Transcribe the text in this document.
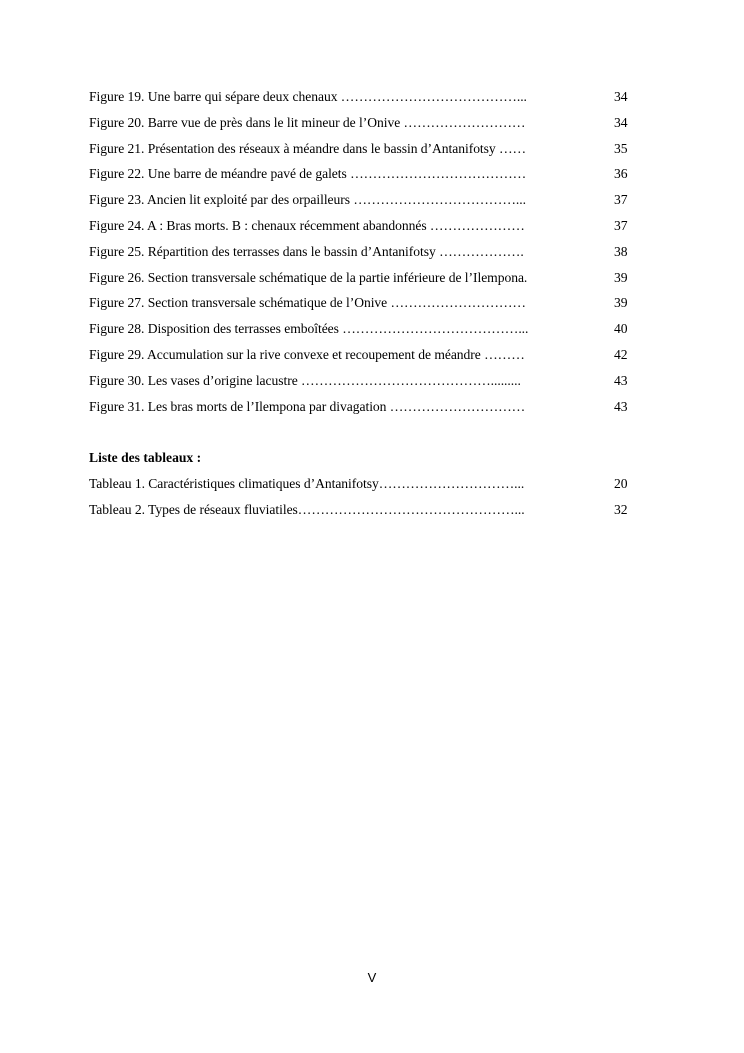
Figure 19. Une barre qui sépare deux chenaux …………………………………...	34
Figure 20. Barre vue de près dans le lit mineur de l’Onive ………………………	34
Figure 21. Présentation des réseaux à méandre dans le bassin d’Antanifotsy ……	35
Figure 22. Une barre de méandre pavé de galets …………………………………	36
Figure 23. Ancien lit exploité par des orpailleurs ………………………………...	37
Figure 24. A : Bras morts. B : chenaux récemment abandonnés …………………	37
Figure 25. Répartition des terrasses dans le bassin d’Antanifotsy ……………….	38
Figure 26. Section transversale schématique de la partie inférieure de l’Ilempona.	39
Figure 27. Section transversale schématique de l’Onive …………………………	39
Figure 28. Disposition des terrasses emboîtées …………………………………...	40
Figure 29. Accumulation sur la rive convexe et recoupement de méandre ………	42
Figure 30. Les vases d’origine lacustre …………………………………….........	43
Figure 31. Les bras morts de l’Ilempona par divagation …………………………	43
Liste des tableaux :
Tableau 1. Caractéristiques climatiques d’Antanifotsy…………………………...	20
Tableau 2. Types de réseaux fluviatiles…………………………………………...	32
V
